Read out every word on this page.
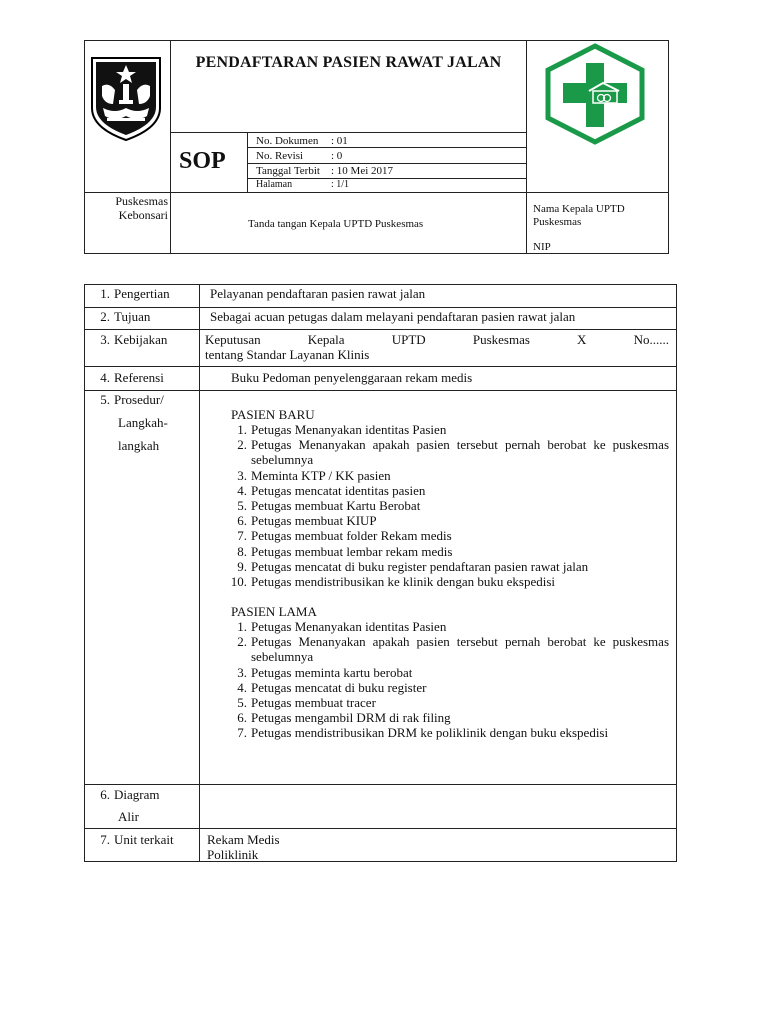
PENDAFTARAN PASIEN RAWAT JALAN
SOP
No. Dokumen : 01
No. Revisi	: 0
Tanggal Terbit : 10 Mei 2017
Halaman	: 1/1
Puskesmas
Kebonsari
Tanda tangan Kepala UPTD Puskesmas
Nama Kepala UPTD
Puskesmas
NIP
1. Pengertian	Pelayanan pendaftaran pasien rawat jalan
2. Tujuan	Sebagai acuan petugas dalam melayani pendaftaran pasien rawat jalan
3. Kebijakan	Keputusan Kepala UPTD Puskesmas X No......
tentang Standar Layanan Klinis
4. Referensi	Buku Pedoman penyelenggaraan rekam medis
5. Prosedur/
Langkah-
langkah
PASIEN BARU
1. Petugas Menanyakan identitas Pasien
2. Petugas Menanyakan apakah pasien tersebut pernah berobat ke puskesmas sebelumnya
3. Meminta KTP / KK pasien
4. Petugas mencatat identitas pasien
5. Petugas membuat Kartu Berobat
6. Petugas membuat KIUP
7. Petugas membuat folder Rekam medis
8. Petugas membuat lembar rekam medis
9. Petugas mencatat di buku register pendaftaran pasien rawat jalan
10. Petugas mendistribusikan ke klinik dengan buku ekspedisi
PASIEN LAMA
1. Petugas Menanyakan identitas Pasien
2. Petugas Menanyakan apakah pasien tersebut pernah berobat ke puskesmas sebelumnya
3. Petugas meminta kartu berobat
4. Petugas mencatat di buku register
5. Petugas membuat tracer
6. Petugas mengambil DRM di rak filing
7. Petugas mendistribusikan DRM ke poliklinik dengan buku ekspedisi
6. Diagram
Alir
7. Unit terkait	Rekam Medis
Poliklinik
